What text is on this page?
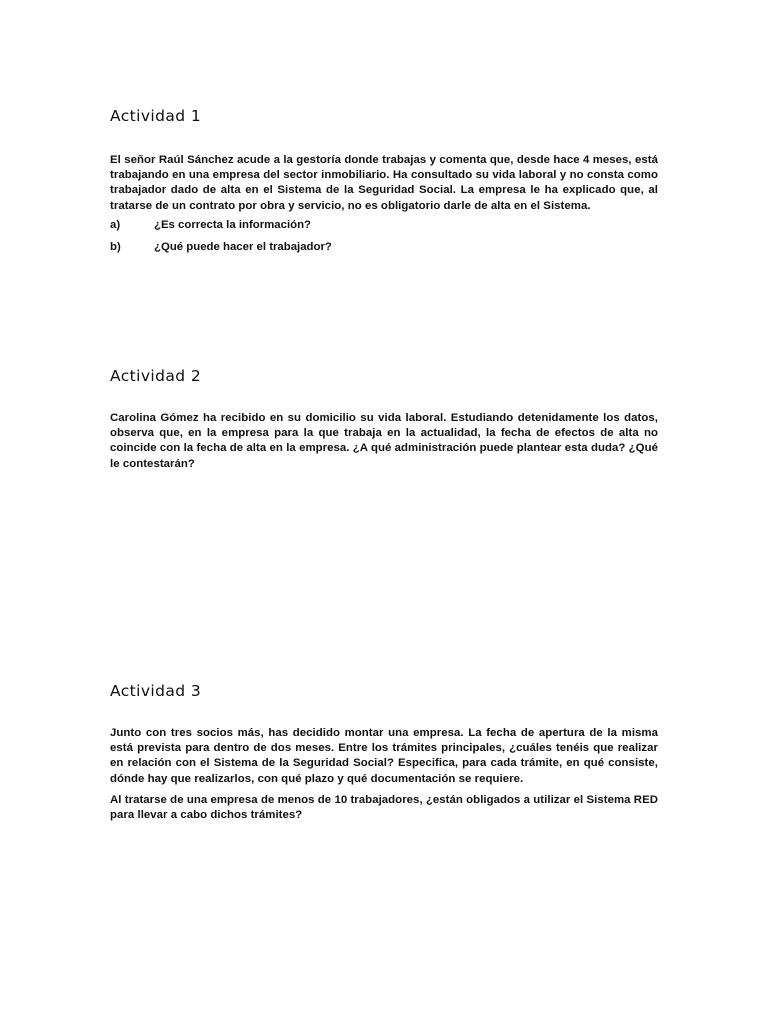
Actividad 1

El señor Raúl Sánchez acude a la gestoría donde trabajas y comenta que, desde hace 4 meses, está trabajando en una empresa del sector inmobiliario. Ha consultado su vida laboral y no consta como trabajador dado de alta en el Sistema de la Seguridad Social. La empresa le ha explicado que, al tratarse de un contrato por obra y servicio, no es obligatorio darle de alta en el Sistema.

a)	¿Es correcta la información?
b)	¿Qué puede hacer el trabajador?
Actividad 2

Carolina Gómez ha recibido en su domicilio su vida laboral. Estudiando detenidamente los datos, observa que, en la empresa para la que trabaja en la actualidad, la fecha de efectos de alta no coincide con la fecha de alta en la empresa. ¿A qué administración puede plantear esta duda? ¿Qué le contestarán?

Actividad 3

Junto con tres socios más, has decidido montar una empresa. La fecha de apertura de la misma está prevista para dentro de dos meses. Entre los trámites principales, ¿cuáles tenéis que realizar en relación con el Sistema de la Seguridad Social? Especifica, para cada trámite, en qué consiste, dónde hay que realizarlos, con qué plazo y qué documentación se requiere.

Al tratarse de una empresa de menos de 10 trabajadores, ¿están obligados a utilizar el Sistema RED para llevar a cabo dichos trámites?
